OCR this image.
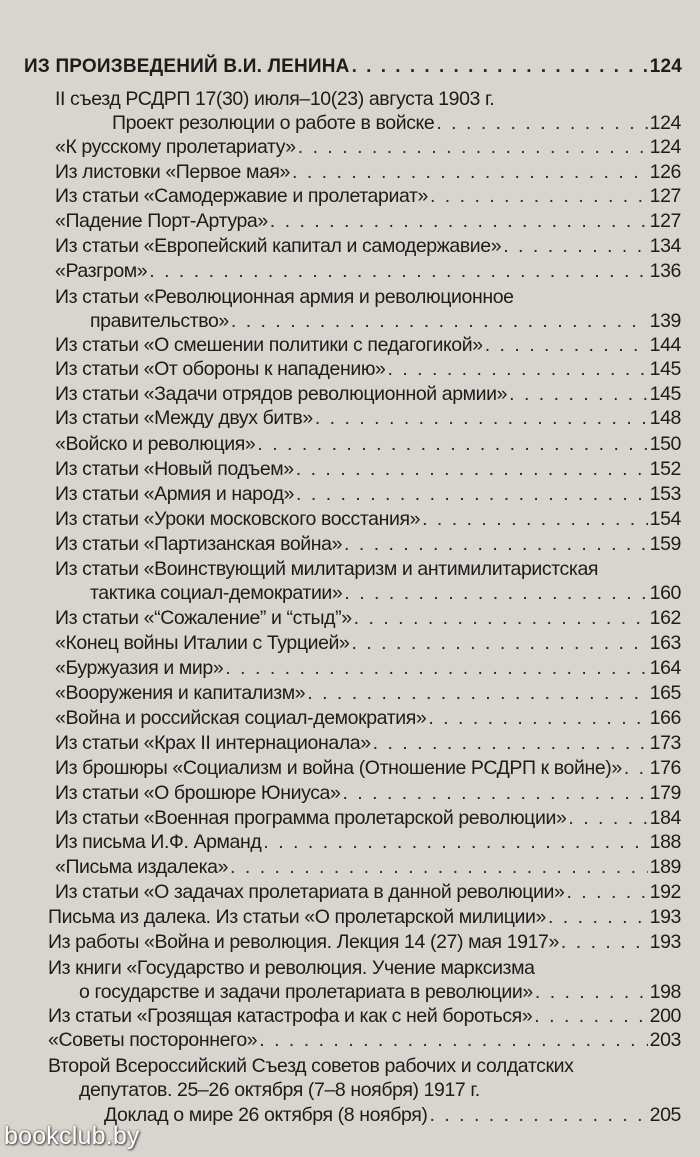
ИЗ ПРОИЗВЕДЕНИЙ В.И. ЛЕНИНА . . .	124
II съезд РСДРП 17(30) июля–10(23) августа 1903 г.
Проект резолюции о работе в войске . . .	124
«К русскому пролетариату» . . .	124
Из листовки «Первое мая» . . .	126
Из статьи «Самодержавие и пролетариат» . . .	127
«Падение Порт-Артура» . . .	127
Из статьи «Европейский капитал и самодержавие» . . .	134
«Разгром» . . .	136
Из статьи «Революционная армия и революционное
правительство» . . .	139
Из статьи «О смешении политики с педагогикой» . . .	144
Из статьи «От обороны к нападению» . . .	145
Из статьи «Задачи отрядов революционной армии» . . .	145
Из статьи «Между двух битв» . . .	148
«Войско и революция» . . .	150
Из статьи «Новый подъем» . . .	152
Из статьи «Армия и народ» . . .	153
Из статьи «Уроки московского восстания» . . .	154
Из статьи «Партизанская война» . . .	159
Из статьи «Воинствующий милитаризм и антимилитаристская
тактика социал-демократии» . . .	160
Из статьи «“Сожаление” и “стыд”» . . .	162
«Конец войны Италии с Турцией» . . .	163
«Буржуазия и мир» . . .	164
«Вооружения и капитализм» . . .	165
«Война и российская социал-демократия» . . .	166
Из статьи «Крах II интернационала» . . .	173
Из брошюры «Социализм и война (Отношение РСДРП к войне)» . . . 176
Из статьи «О брошюре Юниуса» . . .	179
Из статьи «Военная программа пролетарской революции» . . .	184
Из письма И.Ф. Арманд . . .	188
«Письма издалека» . . .	189
Из статьи «О задачах пролетариата в данной революции» . . .	192
Письма из далека. Из статьи «О пролетарской милиции» . . .	193
Из работы «Война и революция. Лекция 14 (27) мая 1917» . . .	193
Из книги «Государство и революция. Учение марксизма
о государстве и задачи пролетариата в революции» . . .	198
Из статьи «Грозящая катастрофа и как с ней бороться» . . .	200
«Советы постороннего» . . .	203
Второй Всероссийский Съезд советов рабочих и солдатских
депутатов. 25–26 октября (7–8 ноября) 1917 г.
Доклад о мире 26 октября (8 ноября) . . .	205
bookclub.by
